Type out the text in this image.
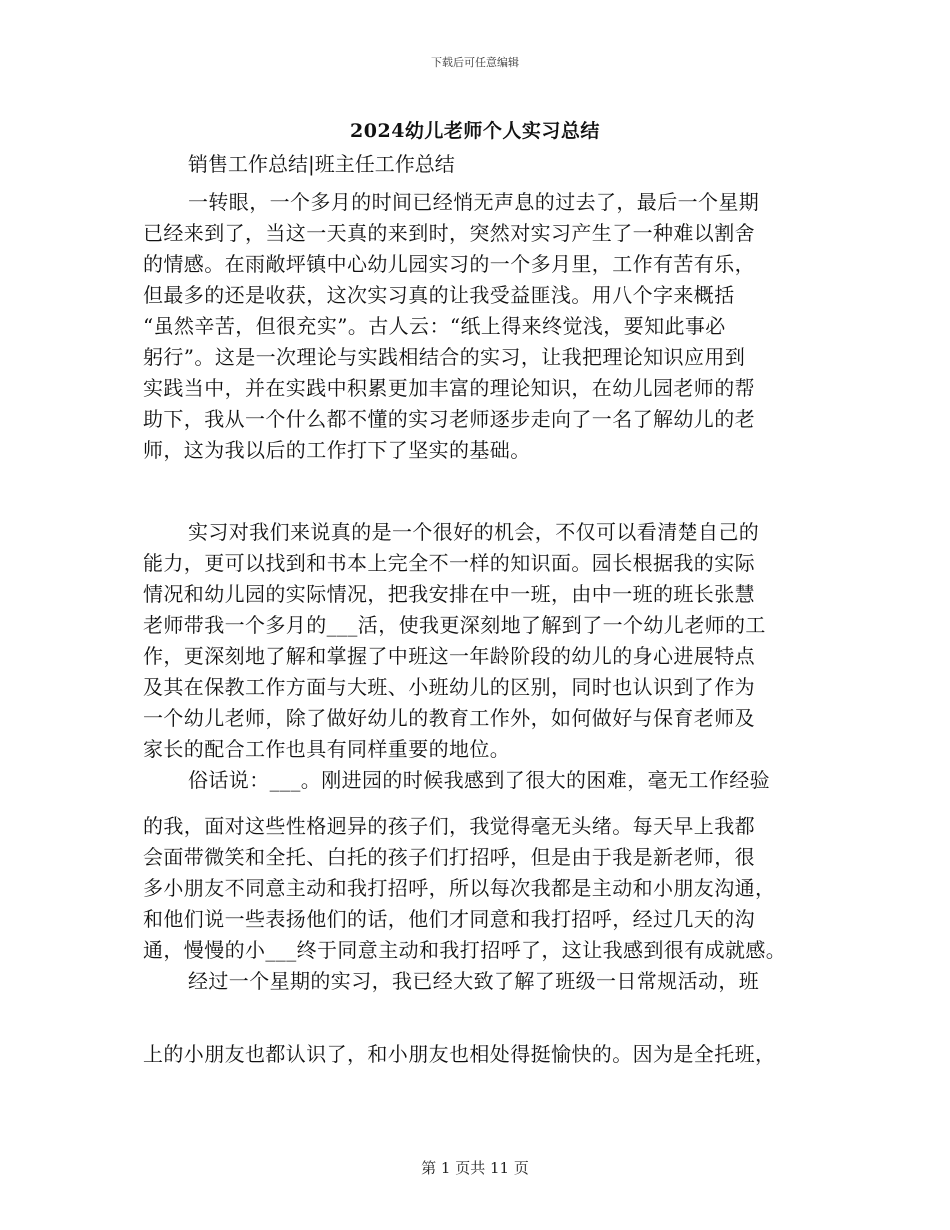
下载后可任意编辑
2024幼儿老师个人实习总结
销售工作总结|班主任工作总结
一转眼，一个多月的时间已经悄无声息的过去了，最后一个星期
已经来到了，当这一天真的来到时，突然对实习产生了一种难以割舍
的情感。在雨敞坪镇中心幼儿园实习的一个多月里，工作有苦有乐，
但最多的还是收获，这次实习真的让我受益匪浅。用八个字来概括
“虽然辛苦，但很充实”。古人云：“纸上得来终觉浅，要知此事必
躬行”。这是一次理论与实践相结合的实习，让我把理论知识应用到
实践当中，并在实践中积累更加丰富的理论知识，在幼儿园老师的帮
助下，我从一个什么都不懂的实习老师逐步走向了一名了解幼儿的老
师，这为我以后的工作打下了坚实的基础。
实习对我们来说真的是一个很好的机会，不仅可以看清楚自己的
能力，更可以找到和书本上完全不一样的知识面。园长根据我的实际
情况和幼儿园的实际情况，把我安排在中一班，由中一班的班长张慧
老师带我一个多月的___活，使我更深刻地了解到了一个幼儿老师的工
作，更深刻地了解和掌握了中班这一年龄阶段的幼儿的身心进展特点
及其在保教工作方面与大班、小班幼儿的区别，同时也认识到了作为
一个幼儿老师，除了做好幼儿的教育工作外，如何做好与保育老师及
家长的配合工作也具有同样重要的地位。
俗话说：___。刚进园的时候我感到了很大的困难，毫无工作经验
的我，面对这些性格迥异的孩子们，我觉得毫无头绪。每天早上我都
会面带微笑和全托、白托的孩子们打招呼，但是由于我是新老师，很
多小朋友不同意主动和我打招呼，所以每次我都是主动和小朋友沟通，
和他们说一些表扬他们的话，他们才同意和我打招呼，经过几天的沟
通，慢慢的小___终于同意主动和我打招呼了，这让我感到很有成就感。
经过一个星期的实习，我已经大致了解了班级一日常规活动，班
上的小朋友也都认识了，和小朋友也相处得挺愉快的。因为是全托班，
第 1 页共 11 页
